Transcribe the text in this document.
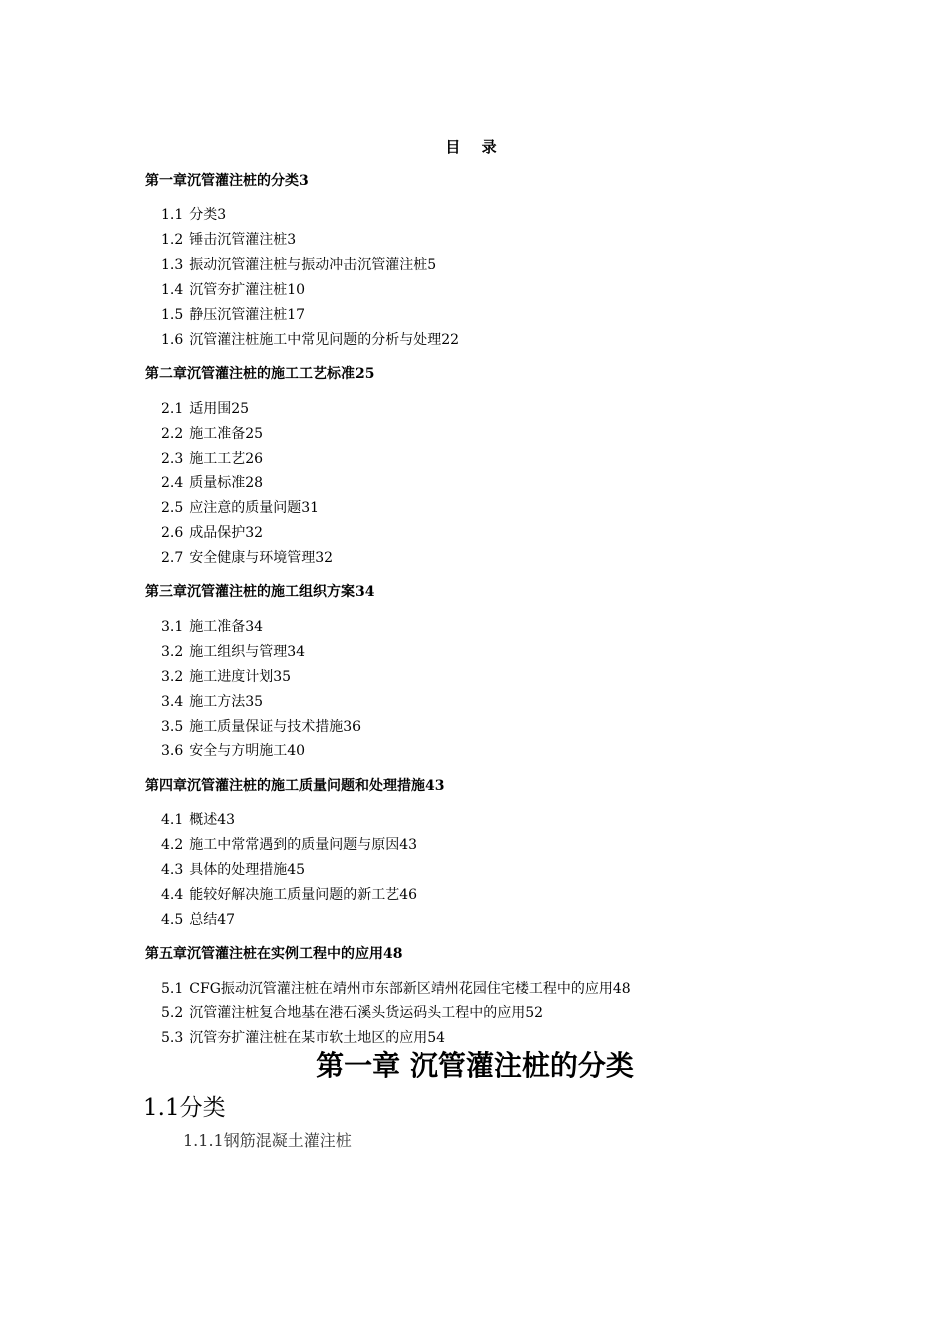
目 录
第一章沉管灌注桩的分类3
1.1 分类3
1.2 锤击沉管灌注桩3
1.3 振动沉管灌注桩与振动冲击沉管灌注桩5
1.4 沉管夯扩灌注桩10
1.5 静压沉管灌注桩17
1.6 沉管灌注桩施工中常见问题的分析与处理22
第二章沉管灌注桩的施工工艺标准25
2.1 适用围25
2.2 施工准备25
2.3 施工工艺26
2.4 质量标准28
2.5 应注意的质量问题31
2.6 成品保护32
2.7 安全健康与环境管理32
第三章沉管灌注桩的施工组织方案34
3.1 施工准备34
3.2 施工组织与管理34
3.2 施工进度计划35
3.4 施工方法35
3.5 施工质量保证与技术措施36
3.6 安全与方明施工40
第四章沉管灌注桩的施工质量问题和处理措施43
4.1 概述43
4.2 施工中常常遇到的质量问题与原因43
4.3 具体的处理措施45
4.4 能较好解决施工质量问题的新工艺46
4.5 总结47
第五章沉管灌注桩在实例工程中的应用48
5.1 CFG振动沉管灌注桩在靖州市东部新区靖州花园住宅楼工程中的应用48
5.2 沉管灌注桩复合地基在港石溪头货运码头工程中的应用52
5.3 沉管夯扩灌注桩在某市软土地区的应用54
第一章 沉管灌注桩的分类
1.1分类
1.1.1钢筋混凝土灌注桩
